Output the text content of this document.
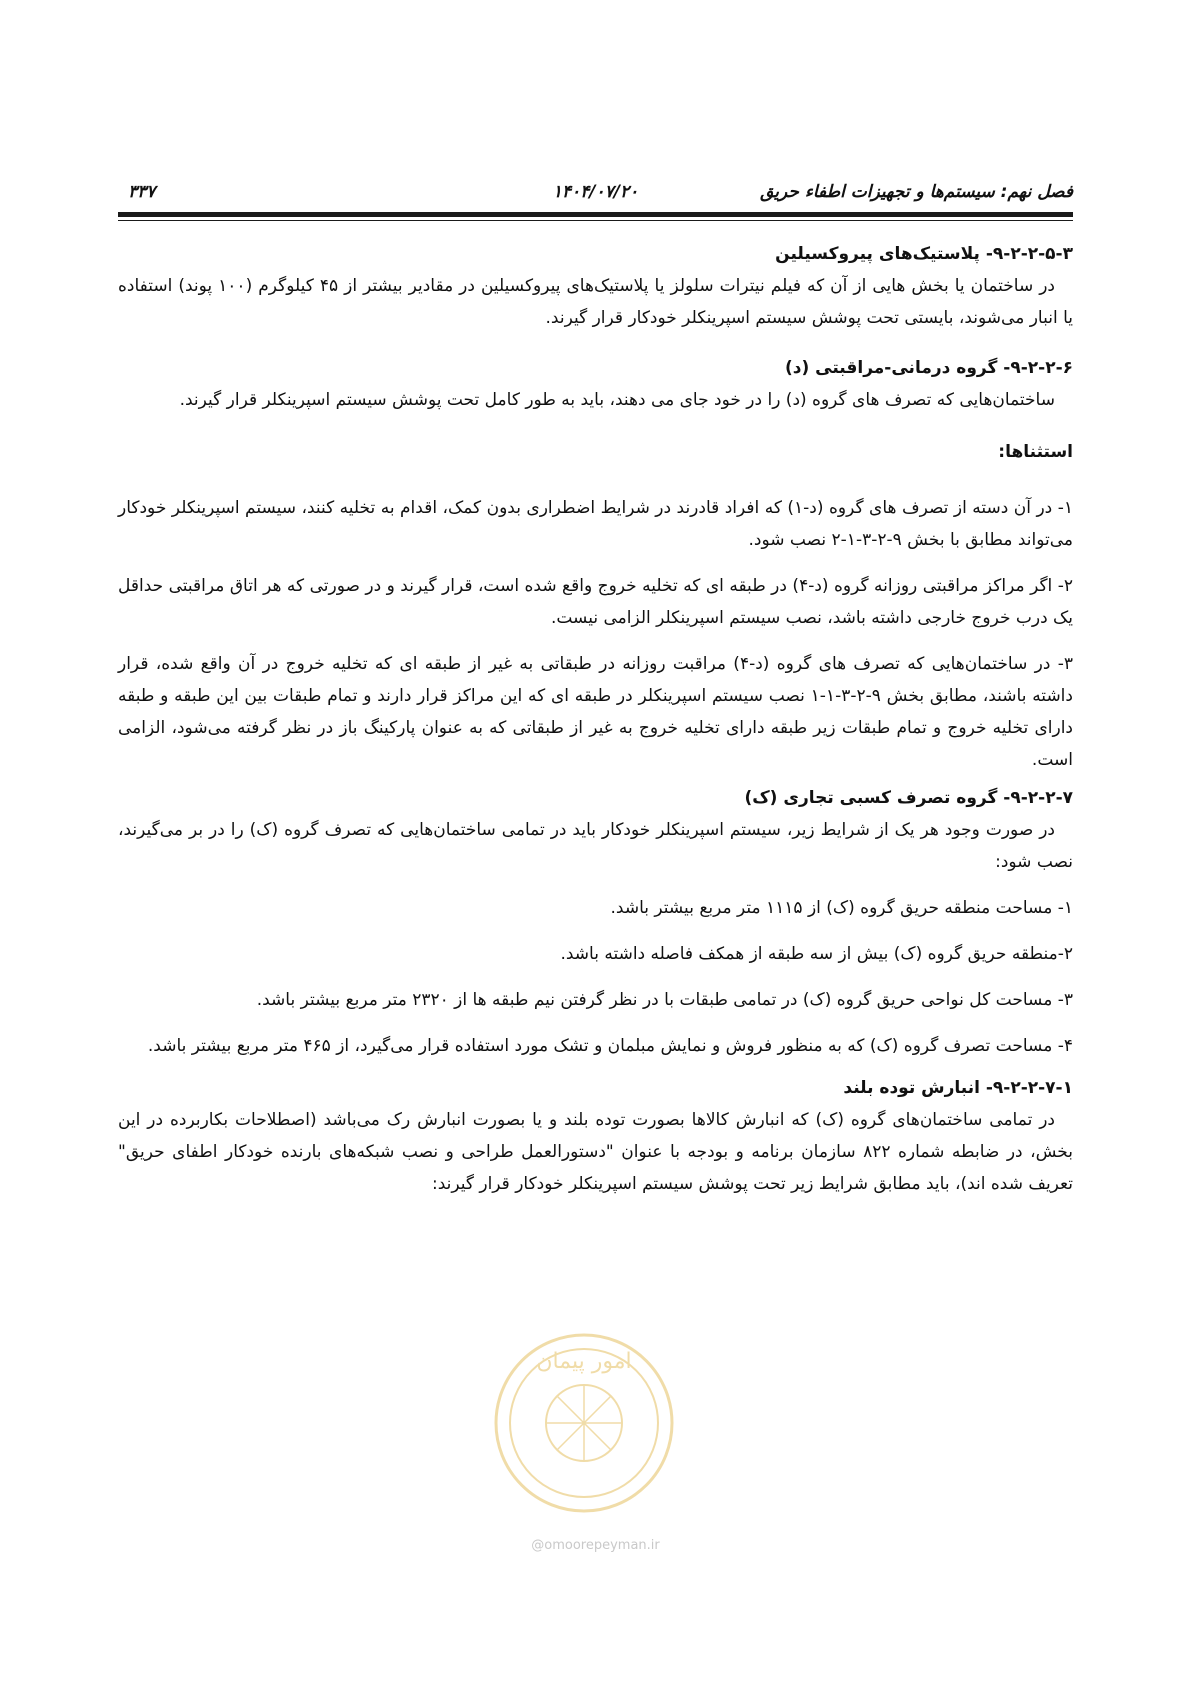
فصل نهم: سیستم‌ها و تجهیزات اطفاء حریق
۱۴۰۴/۰۷/۲۰
۳۳۷
۹-۲-۲-۵-۳- پلاستیک‌های پیروکسیلین

در ساختمان یا بخش هایی از آن که فیلم نیترات سلولز یا پلاستیک‌های پیروکسیلین در مقادیر بیشتر از ۴۵ کیلوگرم (۱۰۰ پوند) استفاده یا انبار می‌شوند، بایستی تحت پوشش سیستم اسپرینکلر خودکار قرار گیرند.

۹-۲-۲-۶- گروه درمانی-مراقبتی (د)

ساختمان‌هایی که تصرف های گروه (د) را در خود جای می دهند، باید به طور کامل تحت پوشش سیستم اسپرینکلر قرار گیرند.

استثناها:

۱- در آن دسته از تصرف های گروه (د-۱) که افراد قادرند در شرایط اضطراری بدون کمک، اقدام به تخلیه کنند، سیستم اسپرینکلر خودکار می‌تواند مطابق با بخش ۹-۲-۳-۱-۲ نصب شود.

۲- اگر مراکز مراقبتی روزانه گروه (د-۴) در طبقه ای که تخلیه خروج واقع شده است، قرار گیرند و در صورتی که هر اتاق مراقبتی حداقل یک درب خروج خارجی داشته باشد، نصب سیستم اسپرینکلر الزامی نیست.

۳- در ساختمان‌هایی که تصرف های گروه (د-۴) مراقبت روزانه در طبقاتی به غیر از طبقه ای که تخلیه خروج در آن واقع شده، قرار داشته باشند، مطابق بخش ۹-۲-۳-۱-۱ نصب سیستم اسپرینکلر در طبقه ای که این مراکز قرار دارند و تمام طبقات بین این طبقه و طبقه دارای تخلیه خروج و تمام طبقات زیر طبقه دارای تخلیه خروج به غیر از طبقاتی که به عنوان پارکینگ باز در نظر گرفته می‌شود، الزامی است.

۹-۲-۲-۷- گروه تصرف کسبی تجاری (ک)

در صورت وجود هر یک از شرایط زیر، سیستم اسپرینکلر خودکار باید در تمامی ساختمان‌هایی که تصرف گروه (ک) را در بر می‌گیرند، نصب شود:

۱- مساحت منطقه حریق گروه (ک) از ۱۱۱۵ متر مربع بیشتر باشد.

۲-منطقه حریق گروه (ک) بیش از سه طبقه از همکف فاصله داشته باشد.

۳- مساحت کل نواحی حریق گروه (ک) در تمامی طبقات با در نظر گرفتن نیم طبقه ها از ۲۳۲۰ متر مربع بیشتر باشد.

۴- مساحت تصرف گروه (ک) که به منظور فروش و نمایش مبلمان و تشک مورد استفاده قرار می‌گیرد، از ۴۶۵ متر مربع بیشتر باشد.

۹-۲-۲-۷-۱- انبارش توده بلند

در تمامی ساختمان‌های گروه (ک) که انبارش کالاها بصورت توده بلند و یا بصورت انبارش رک می‌باشد (اصطلاحات بکاربرده در این بخش، در ضابطه شماره ۸۲۲ سازمان برنامه و بودجه با عنوان "دستورالعمل طراحی و نصب شبکه‌های بارنده خودکار اطفای حریق" تعریف شده اند)، باید مطابق شرایط زیر تحت پوشش سیستم اسپرینکلر خودکار قرار گیرند:

امور پیمان
@omoorepeyman.ir
